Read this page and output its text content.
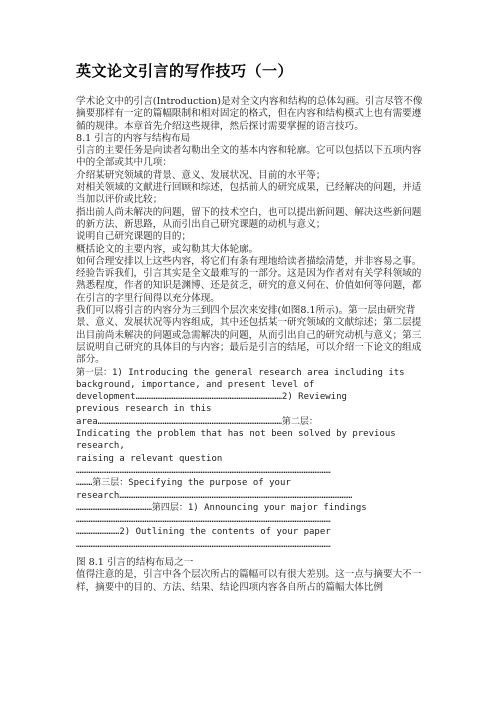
英文论文引言的写作技巧（一）

学术论文中的引言(Introduction)是对全文内容和结构的总体勾画。引言尽管不像摘要那样有一定的篇幅限制和相对固定的格式，但在内容和结构模式上也有需要遵循的规律。本章首先介绍这些规律，然后探讨需要掌握的语言技巧。

8.1 引言的内容与结构布局

引言的主要任务是向读者勾勒出全文的基本内容和轮廓。它可以包括以下五项内容中的全部或其中几项：

介绍某研究领域的背景、意义、发展状况、目前的水平等；

对相关领域的文献进行回顾和综述，包括前人的研究成果，已经解决的问题，并适当加以评价或比较；

指出前人尚未解决的问题，留下的技术空白，也可以提出新问题、解决这些新问题的新方法、新思路，从而引出自己研究课题的动机与意义；

说明自己研究课题的目的；

概括论文的主要内容，或勾勒其大体轮廓。

如何合理安排以上这些内容，将它们有条有理地给读者描绘清楚，并非容易之事。经验告诉我们，引言其实是全文最难写的一部分。这是因为作者对有关学科领域的熟悉程度，作者的知识是渊博、还是贫乏，研究的意义何在、价值如何等问题，都在引言的字里行间得以充分体现。

我们可以将引言的内容分为三到四个层次来安排(如图8.1所示)。第一层由研究背景、意义、发展状况等内容组成，其中还包括某一研究领域的文献综述；第二层提出目前尚未解决的问题或急需解决的问题，从而引出自己的研究动机与意义；第三层说明自己研究的具体目的与内容；最后是引言的结尾，可以介绍一下论文的组成部分。

第一层：1) Introducing the general research area including its

background, importance, and present level of

development………………………………………………………………………2) Reviewing

previous research in this

area…………………………………………………………………………………………第二层：

Indicating the problem that has not been solved by previous research,

raising a relevant question

……………………………………………………………………………………………………………………………

………第三层：Specifying the purpose of your

research…………………………………………………………………………………………………………………

……………………………………第四层：1) Announcing your major findings

……………………………………………………………………………………………………………………………

……………………2) Outlining the contents of your paper

……………………………………………………………………………………………………………………………

图 8.1 引言的结构布局之一

值得注意的是，引言中各个层次所占的篇幅可以有很大差别。这一点与摘要大不一样，摘要中的目的、方法、结果、结论四项内容各自所占的篇幅大体比例
